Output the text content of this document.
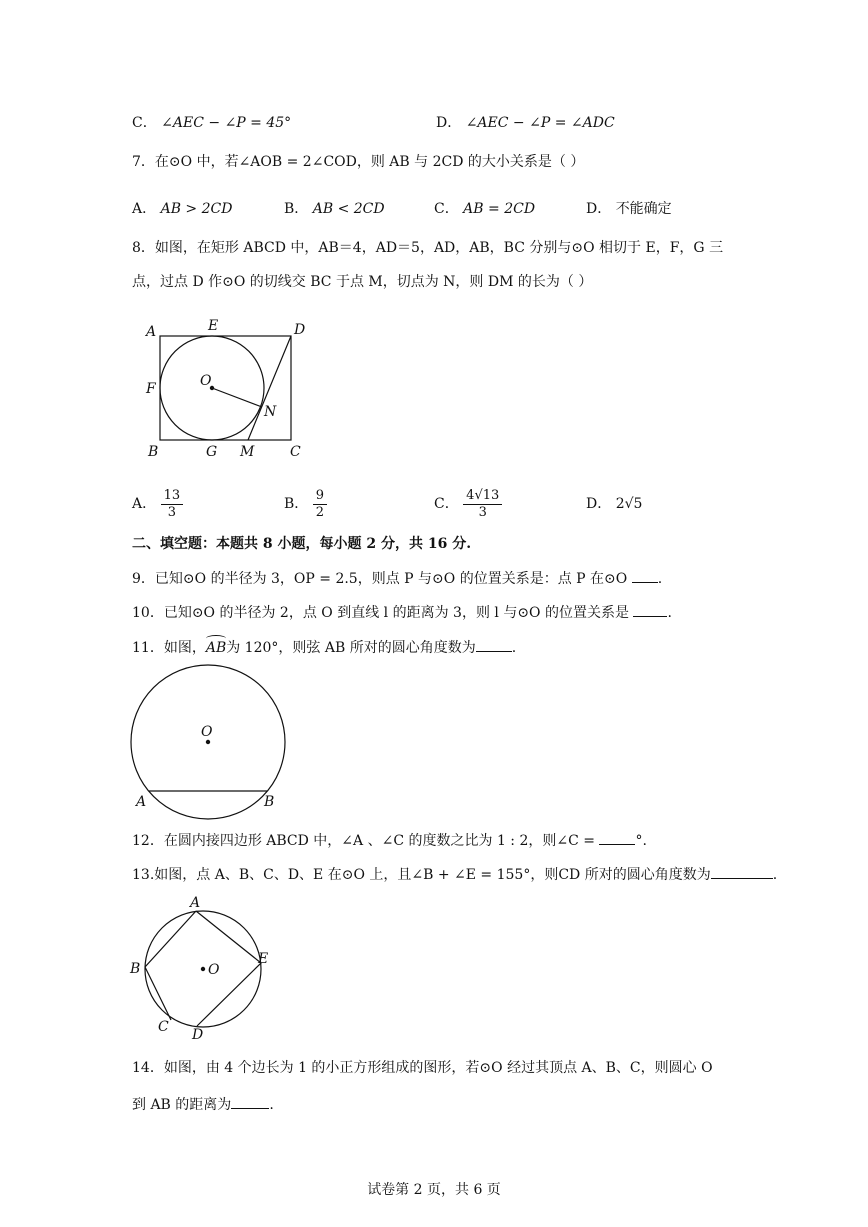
C． ∠AEC − ∠P = 45°	D． ∠AEC − ∠P = ∠ADC
7．在⊙O 中，若∠AOB = 2∠COD，则 AB 与 2CD 的大小关系是（ ）
A． AB > 2CD	B． AB < 2CD	C． AB = 2CD	D． 不能确定
8．如图，在矩形 ABCD 中，AB＝4，AD＝5，AD，AB，BC 分别与⊙O 相切于 E，F，G 三
点，过点 D 作⊙O 的切线交 BC 于点 M，切点为 N，则 DM 的长为（ ）
A	E	D
F	O
N
B	G M	C
A． $\frac{13}{3}$	B． $\frac{9}{2}$	C． $\frac{4√13}{3}$	D． 2√5
二、填空题：本题共 8 小题，每小题 2 分，共 16 分.
9．已知⊙O 的半径为 3，OP = 2.5，则点 P 与⊙O 的位置关系是：点 P 在⊙O .
10．已知⊙O 的半径为 2，点 O 到直线 l 的距离为 3，则 l 与⊙O 的位置关系是	.
11．如图，AB为 120°，则弦 AB 所对的圆心角度数为	.
O
A	B
12．在圆内接四边形 ABCD 中，∠A 、∠C 的度数之比为 1 : 2，则∠C =	°.
13.如图，点 A、B、C、D、E 在⊙O 上，且∠B + ∠E = 155°，则CD 所对的圆心角度数为	.
A
B
C D
E
O
14．如图，由 4 个边长为 1 的小正方形组成的图形，若⊙O 经过其顶点 A、B、C，则圆心 O
到 AB 的距离为	.
试卷第 2 页，共 6 页
